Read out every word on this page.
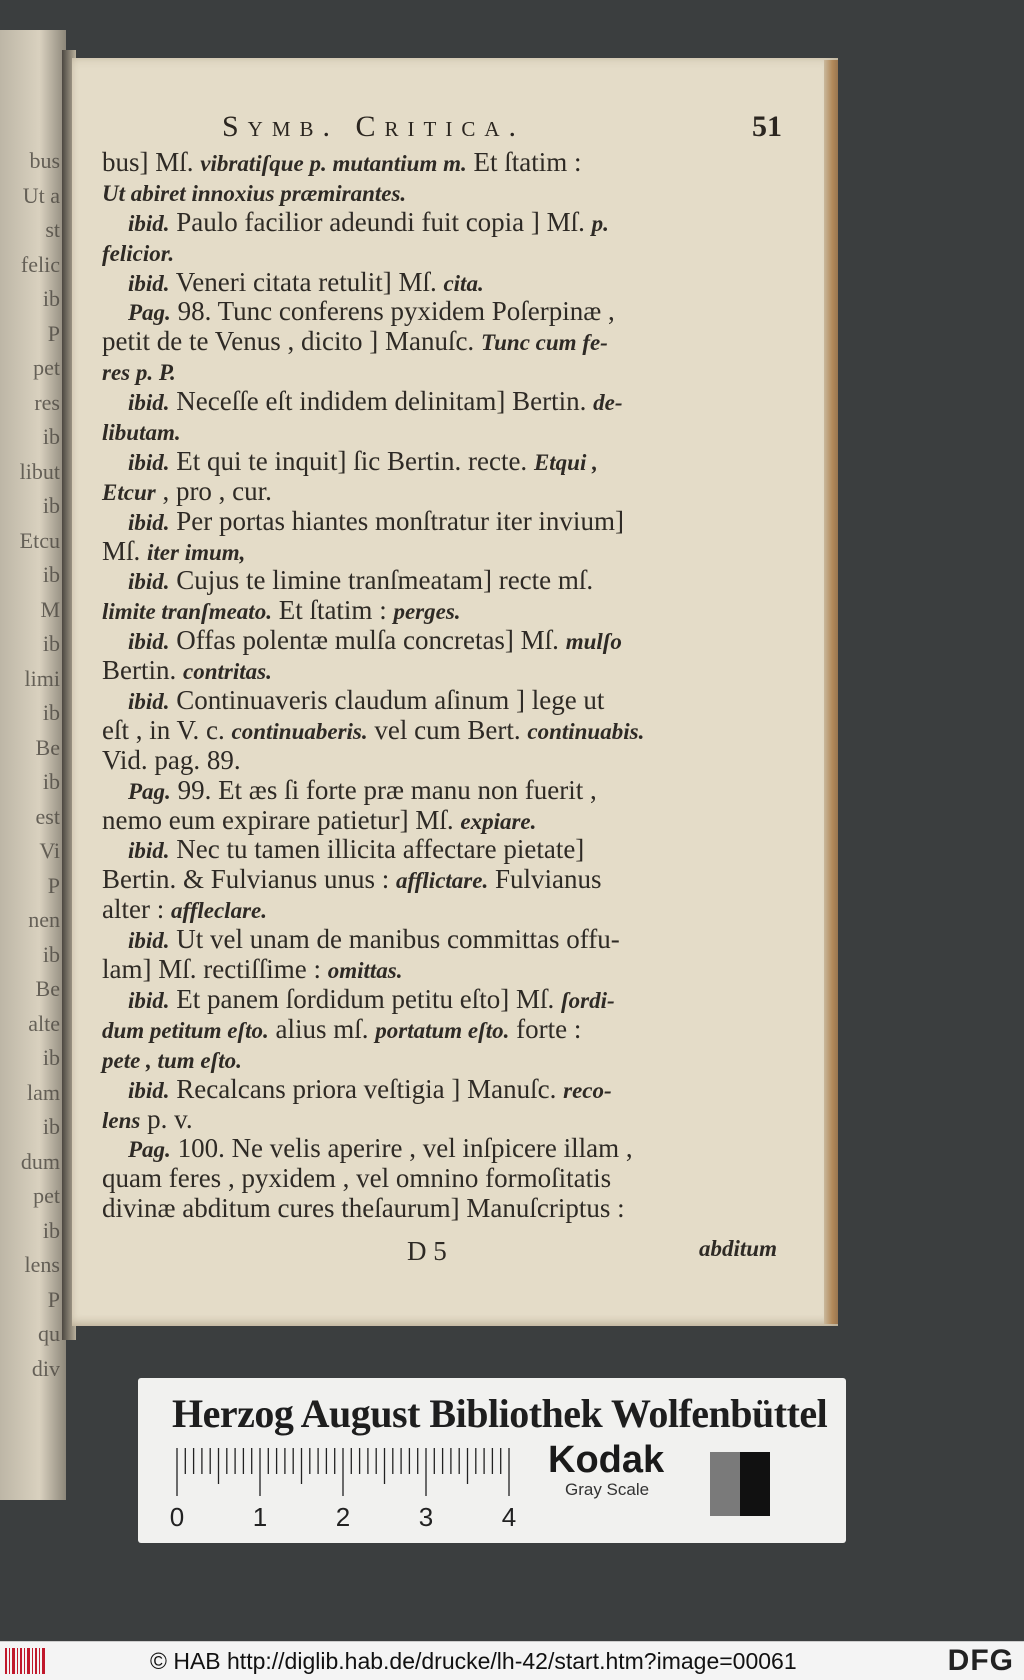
bus
Ut a
st
felic
ib
P
pet
res
ib
libut
ib
Etcu
ib
M
ib
limi
ib
Be
ib
est
Vi
P
nen
ib
Be
alte
ib
lam
ib
dum
pet
ib
lens
P
qu
div
Symb. Critica.	51
bus] Mſ. vibratiſque p. mutantium m. Et ſtatim :
Ut abiret innoxius præmirantes.
ibid. Paulo facilior adeundi fuit copia ] Mſ. p.
felicior.
ibid. Veneri citata retulit] Mſ. cita.
Pag. 98. Tunc conferens pyxidem Poſerpinæ ,
petit de te Venus , dicito ] Manuſc. Tunc cum fe-
res p. P.
ibid. Neceſſe eſt indidem delinitam] Bertin. de-
libutam.
ibid. Et qui te inquit] ſic Bertin. recte. Etqui ,
Etcur , pro , cur.
ibid. Per portas hiantes monſtratur iter invium]
Mſ. iter imum,
ibid. Cujus te limine tranſmeatam] recte mſ.
limite tranſmeato. Et ſtatim : perges.
ibid. Offas polentæ mulſa concretas] Mſ. mulſo
Bertin. contritas.
ibid. Continuaveris claudum aſinum ] lege ut
eſt , in V. c. continuaberis. vel cum Bert. continuabis.
Vid. pag. 89.
Pag. 99. Et æs ſi forte præ manu non fuerit ,
nemo eum expirare patietur] Mſ. expiare.
ibid. Nec tu tamen illicita affectare pietate]
Bertin. & Fulvianus unus : afflictare. Fulvianus
alter : affleclare.
ibid. Ut vel unam de manibus committas offu-
lam] Mſ. rectiſſime : omittas.
ibid. Et panem ſordidum petitu eſto] Mſ. ſordi-
dum petitum eſto. alius mſ. portatum eſto. forte :
pete , tum eſto.
ibid. Recalcans priora veſtigia ] Manuſc. reco-
lens p. v.
Pag. 100. Ne velis aperire , vel inſpicere illam ,
quam feres , pyxidem , vel omnino formoſitatis
divinæ abditum cures theſaurum] Manuſcriptus :
D 5	abditum
Herzog August Bibliothek Wolfenbüttel
0	1	2	3	4
Kodak
Gray Scale
© HAB http://diglib.hab.de/drucke/lh-42/start.htm?image=00061	DFG
